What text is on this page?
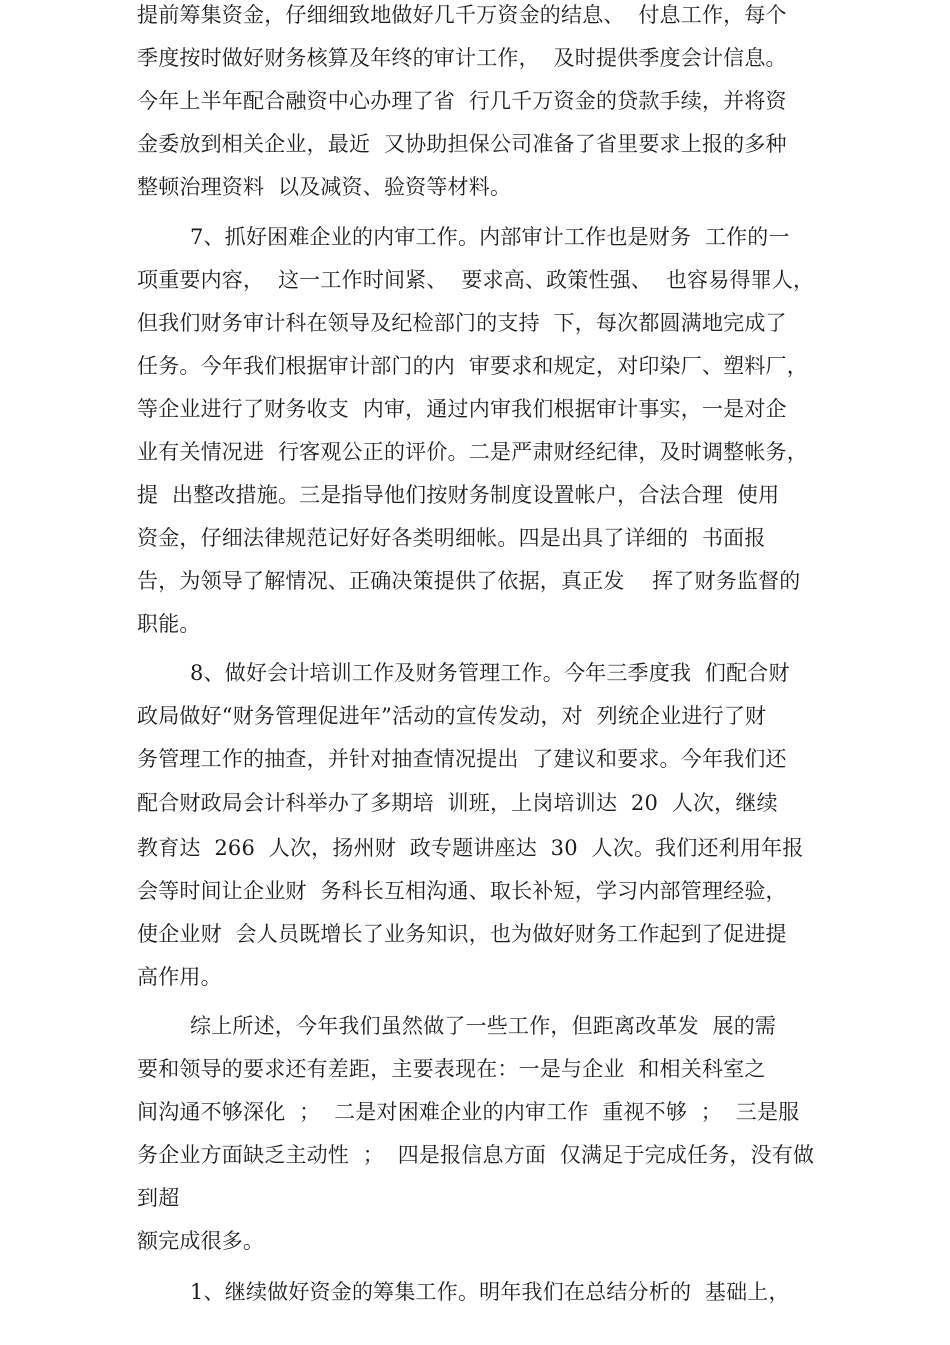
提前筹集资金，仔细细致地做好几千万资金的结息、  付息工作，每个
季度按时做好财务核算及年终的审计工作，  及时提供季度会计信息。
今年上半年配合融资中心办理了省  行几千万资金的贷款手续，并将资
金委放到相关企业，最近  又协助担保公司准备了省里要求上报的多种
整顿治理资料  以及减资、验资等材料。
7、抓好困难企业的内审工作。内部审计工作也是财务  工作的一
项重要内容，  这一工作时间紧、  要求高、政策性强、  也容易得罪人，
但我们财务审计科在领导及纪检部门的支持  下，每次都圆满地完成了
任务。今年我们根据审计部门的内  审要求和规定，对印染厂、塑料厂，
等企业进行了财务收支  内审，通过内审我们根据审计事实，一是对企
业有关情况进  行客观公正的评价。二是严肃财经纪律，及时调整帐务，
提  出整改措施。三是指导他们按财务制度设置帐户，合法合理  使用
资金，仔细法律规范记好好各类明细帐。四是出具了详细的  书面报
告，为领导了解情况、正确决策提供了依据，真正发    挥了财务监督的
职能。
8、做好会计培训工作及财务管理工作。今年三季度我  们配合财
政局做好“财务管理促进年”活动的宣传发动，对  列统企业进行了财
务管理工作的抽查，并针对抽查情况提出  了建议和要求。今年我们还
配合财政局会计科举办了多期培  训班，上岗培训达  20  人次，继续
教育达  266  人次，扬州财  政专题讲座达  30  人次。我们还利用年报
会等时间让企业财  务科长互相沟通、取长补短，学习内部管理经验，
使企业财  会人员既增长了业务知识，也为做好财务工作起到了促进提
高作用。
综上所述，今年我们虽然做了一些工作，但距离改革发  展的需
要和领导的要求还有差距，主要表现在：一是与企业  和相关科室之
间沟通不够深化  ；  二是对困难企业的内审工作  重视不够  ；  三是服
务企业方面缺乏主动性  ；  四是报信息方面  仅满足于完成任务，没有做
到超
额完成很多。
1、继续做好资金的筹集工作。明年我们在总结分析的  基础上，
